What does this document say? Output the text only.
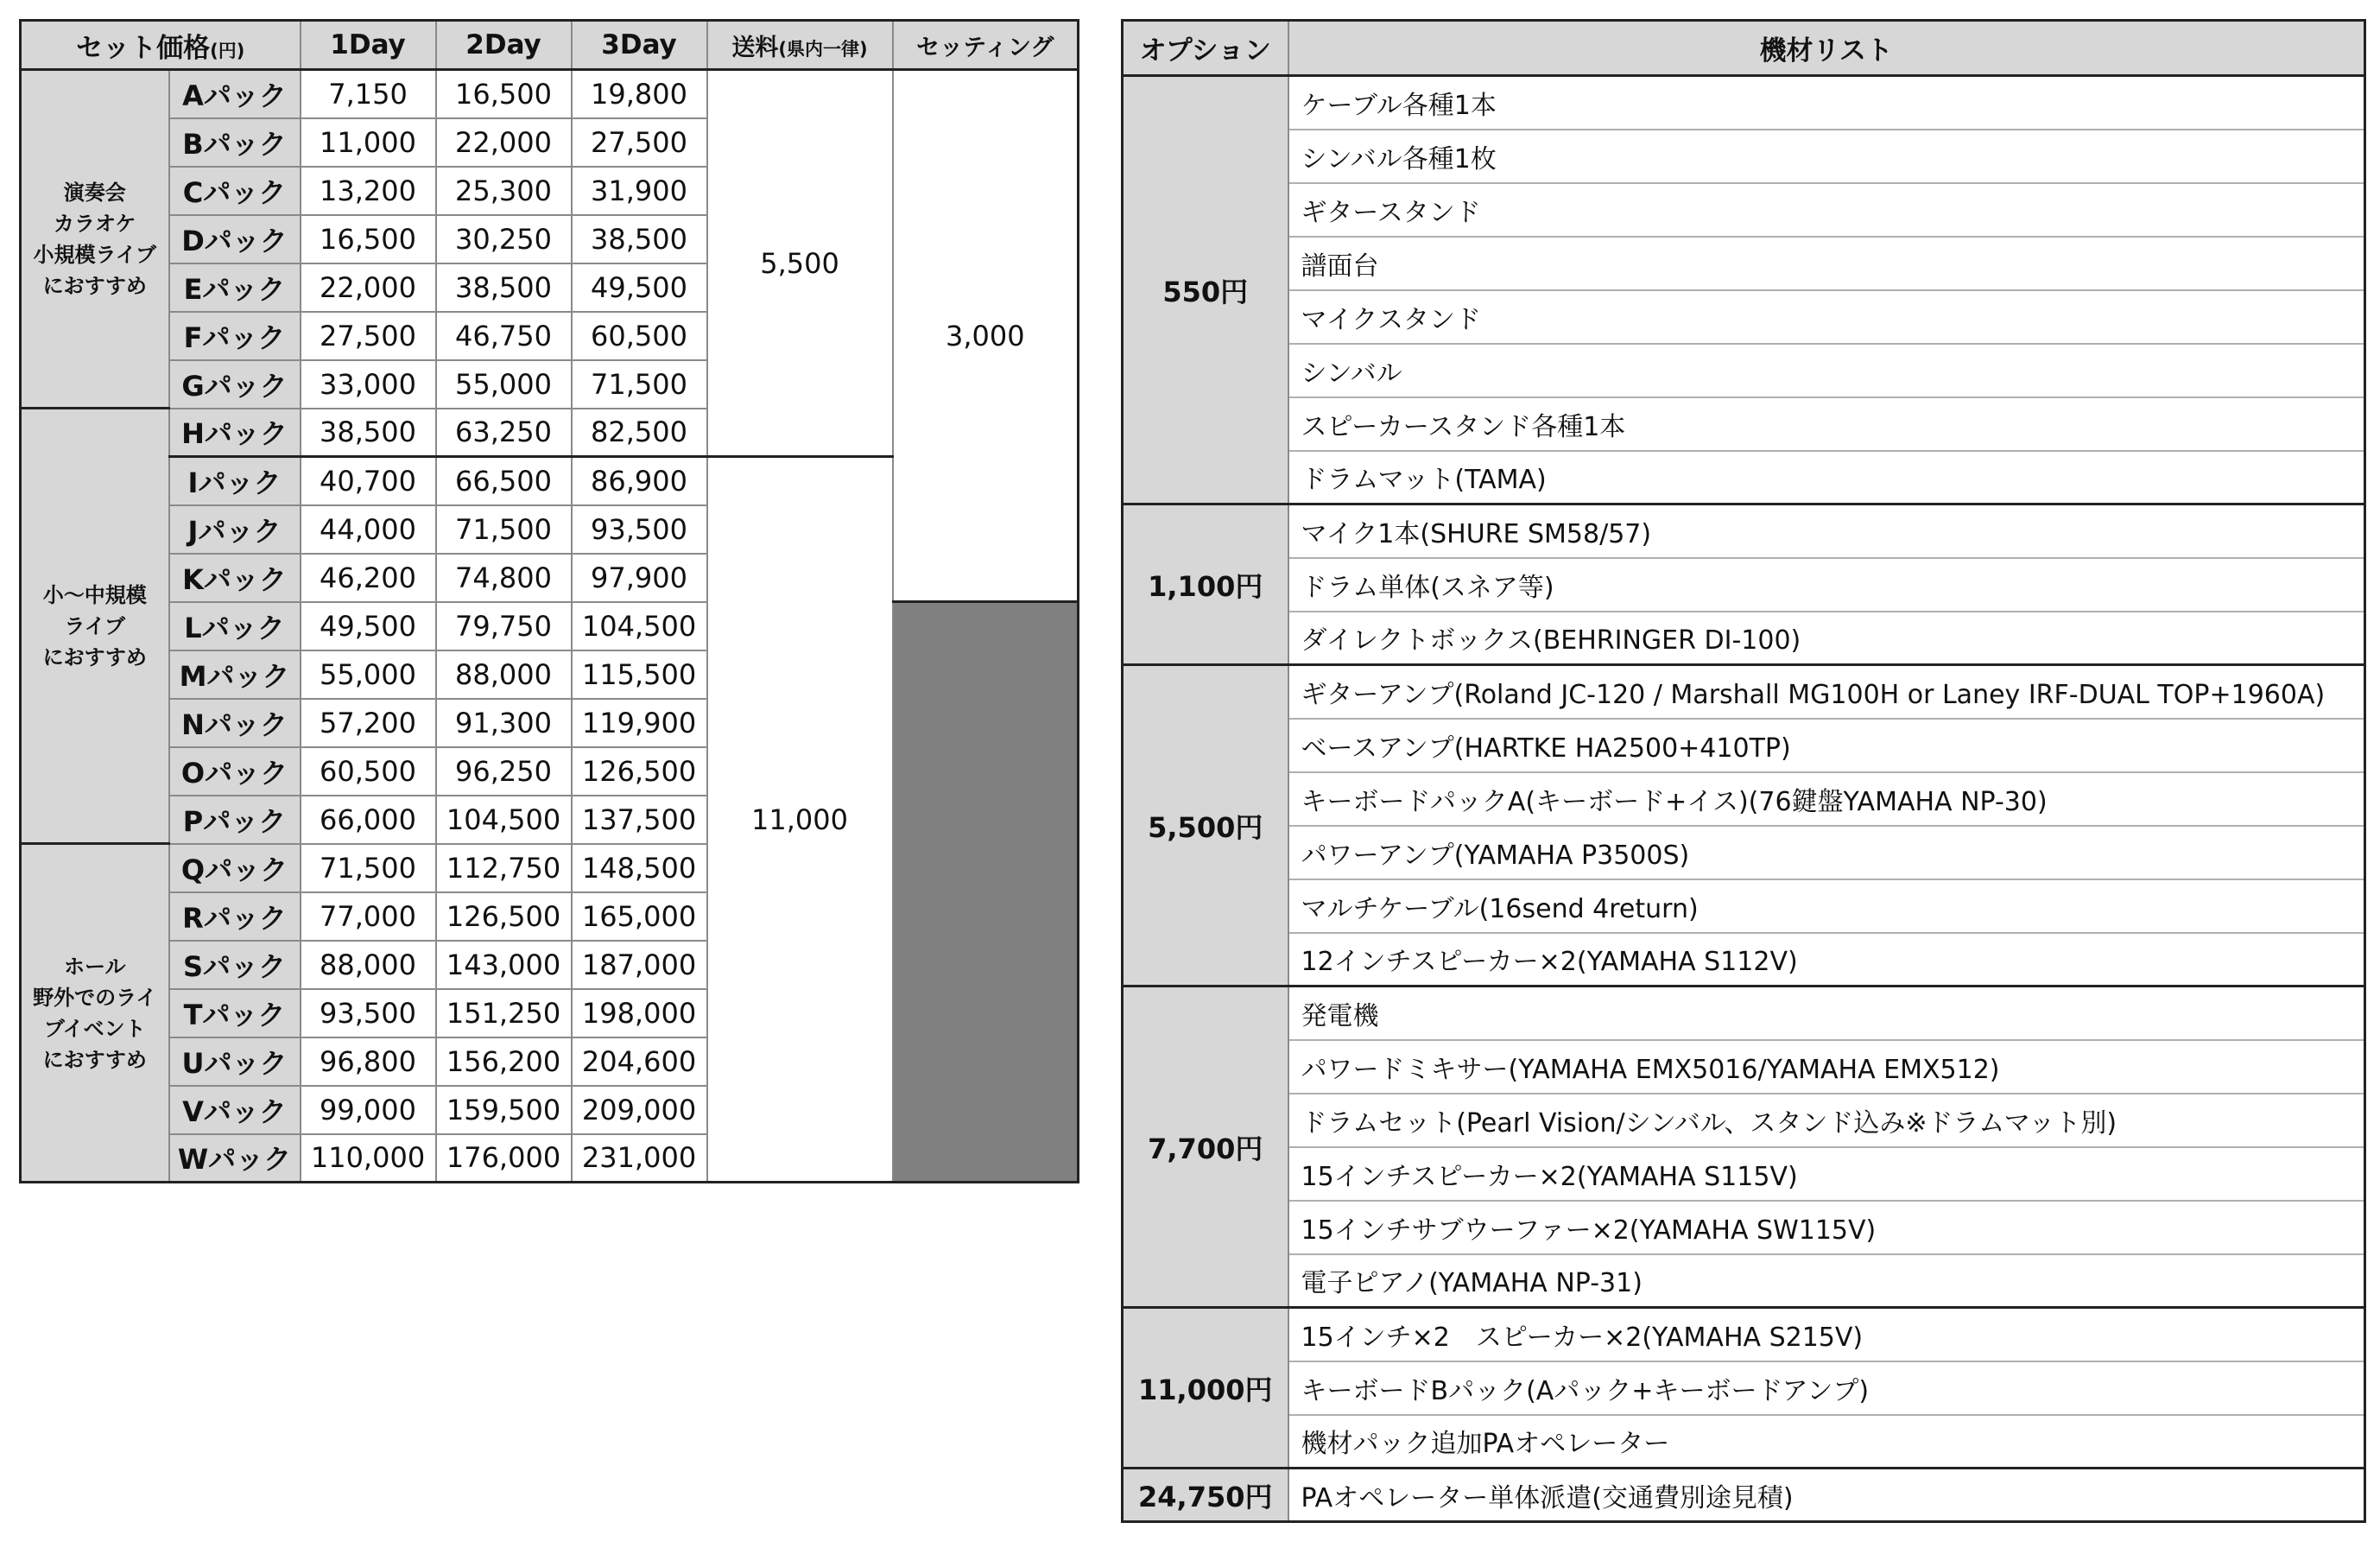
セット価格(円)		1Day	2Day	3Day	送料(県内一律)	セッティング
演奏会
カラオケ
小規模ライブ
におすすめ	Aパック	7,150	16,500	19,800	5,500	3,000
	Bパック	11,000	22,000	27,500		
	Cパック	13,200	25,300	31,900		
	Dパック	16,500	30,250	38,500		
	Eパック	22,000	38,500	49,500		
	Fパック	27,500	46,750	60,500		
	Gパック	33,000	55,000	71,500		
小〜中規模
ライブ
におすすめ	Hパック	38,500	63,250	82,500		
	Iパック	40,700	66,500	86,900	11,000	
	Jパック	44,000	71,500	93,500		
	Kパック	46,200	74,800	97,900		
	Lパック	49,500	79,750	104,500		
	Mパック	55,000	88,000	115,500		
	Nパック	57,200	91,300	119,900		
	Oパック	60,500	96,250	126,500		
	Pパック	66,000	104,500	137,500		
ホール
野外でのライ
ブイベント
におすすめ	Qパック	71,500	112,750	148,500		
	Rパック	77,000	126,500	165,000		
	Sパック	88,000	143,000	187,000		
	Tパック	93,500	151,250	198,000		
	Uパック	96,800	156,200	204,600		
	Vパック	99,000	159,500	209,000		
	Wパック	110,000	176,000	231,000		
オプション	機材リスト
550円	ケーブル各種1本
	シンバル各種1枚
	ギタースタンド
	譜面台
	マイクスタンド
	シンバル
	スピーカースタンド各種1本
	ドラムマット(TAMA)
1,100円	マイク1本(SHURE SM58/57)
	ドラム単体(スネア等)
	ダイレクトボックス(BEHRINGER DI-100)
5,500円	ギターアンプ(Roland JC-120 / Marshall MG100H or Laney IRF-DUAL TOP+1960A)
	ベースアンプ(HARTKE HA2500+410TP)
	キーボードパックA(キーボード+イス)(76鍵盤YAMAHA NP-30)
	パワーアンプ(YAMAHA P3500S)
	マルチケーブル(16send 4return)
	12インチスピーカー×2(YAMAHA S112V)
7,700円	発電機
	パワードミキサー(YAMAHA EMX5016/YAMAHA EMX512)
	ドラムセット(Pearl Vision/シンバル、スタンド込み※ドラムマット別)
	15インチスピーカー×2(YAMAHA S115V)
	15インチサブウーファー×2(YAMAHA SW115V)
	電子ピアノ(YAMAHA NP-31)
11,000円	15インチ×2　スピーカー×2(YAMAHA S215V)
	キーボードBパック(Aパック+キーボードアンプ)
	機材パック追加PAオペレーター
24,750円	PAオペレーター単体派遣(交通費別途見積)
